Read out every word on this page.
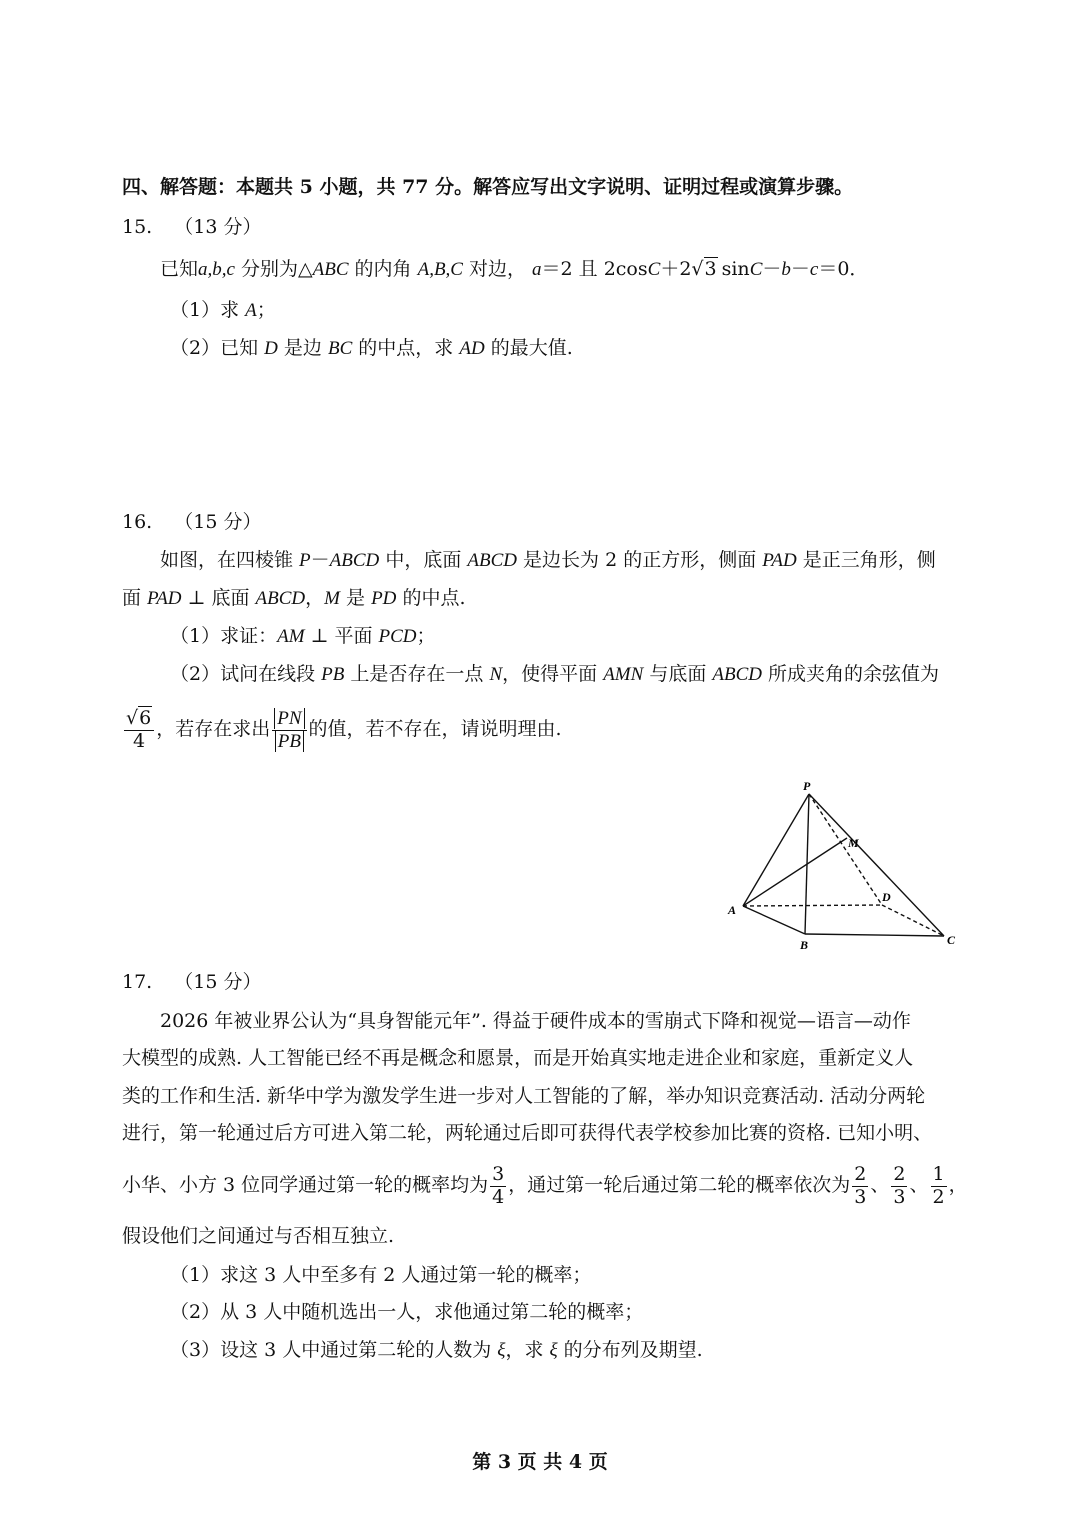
四、解答题：本题共 5 小题，共 77 分。解答应写出文字说明、证明过程或演算步骤。
15. （13 分）
已知a,b,c 分别为△ABC 的内角 A,B,C 对边， a＝2 且 2cosC＋2√3 sinC－b－c＝0．
（1）求 A；
（2）已知 D 是边 BC 的中点，求 AD 的最大值.
16. （15 分）
如图，在四棱锥 P－ABCD 中，底面 ABCD 是边长为 2 的正方形，侧面 PAD 是正三角形，侧
面 PAD ⊥ 底面 ABCD，M 是 PD 的中点.
（1）求证：AM ⊥ 平面 PCD；
（2）试问在线段 PB 上是否存在一点 N，使得平面 AMN 与底面 ABCD 所成夹角的余弦值为
$\frac{√6}{4}$ ，若存在求出 $\frac{PN}{PB}$ 的值，若不存在，请说明理由.
P
M
D
A
B	C
17. （15 分）
2026 年被业界公认为“具身智能元年”. 得益于硬件成本的雪崩式下降和视觉—语言—动作
大模型的成熟. 人工智能已经不再是概念和愿景，而是开始真实地走进企业和家庭，重新定义人
类的工作和生活. 新华中学为激发学生进一步对人工智能的了解，举办知识竞赛活动. 活动分两轮
进行，第一轮通过后方可进入第二轮，两轮通过后即可获得代表学校参加比赛的资格. 已知小明、
小华、小方 3 位同学通过第一轮的概率均为 $\frac{3}{4}$ ，通过第一轮后通过第二轮的概率依次为 $\frac{2}{3}$ 、 $\frac{2}{3}$ 、 $\frac{1}{2}$ ，
假设他们之间通过与否相互独立.
（1）求这 3 人中至多有 2 人通过第一轮的概率；
（2）从 3 人中随机选出一人，求他通过第二轮的概率；
（3）设这 3 人中通过第二轮的人数为 ξ，求 ξ 的分布列及期望.
第 3 页 共 4 页
